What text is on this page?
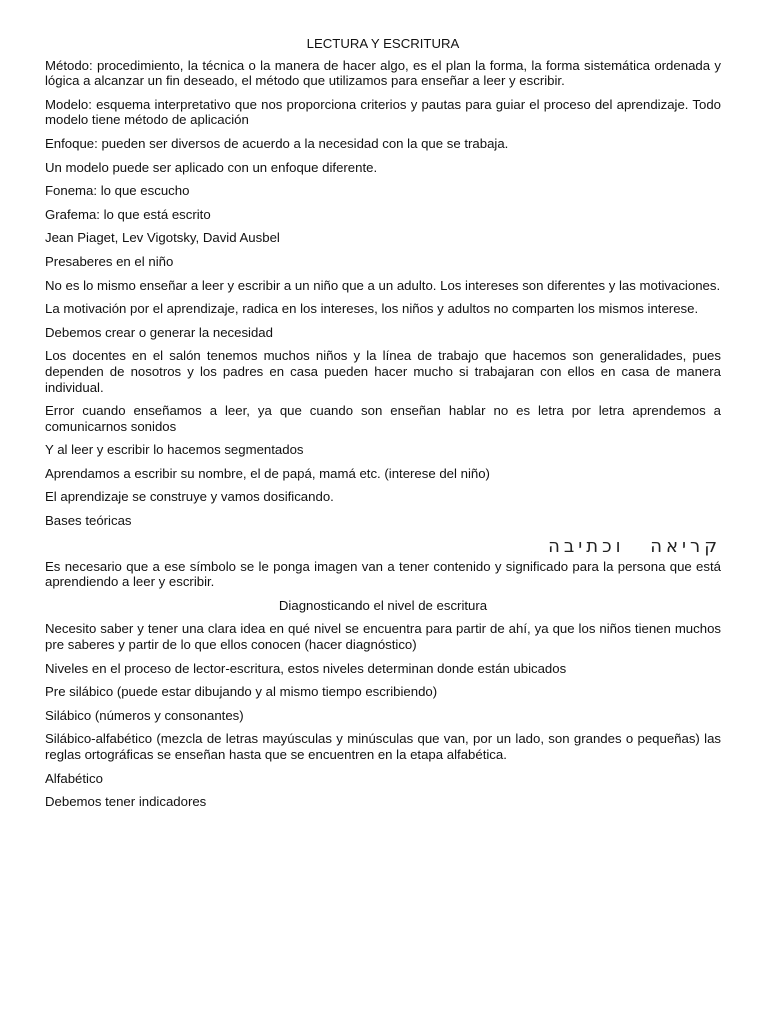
LECTURA Y ESCRITURA
Método: procedimiento, la técnica o la manera de hacer algo, es el plan la forma, la forma sistemática ordenada y lógica a alcanzar un fin deseado, el método que utilizamos para enseñar a leer y escribir.
Modelo: esquema interpretativo que nos proporciona criterios y pautas para guiar el proceso del aprendizaje. Todo modelo tiene método de aplicación
Enfoque: pueden ser diversos de acuerdo a la necesidad con la que se trabaja.
Un modelo puede ser aplicado con un enfoque diferente.
Fonema: lo que escucho
Grafema: lo que está escrito
Jean Piaget, Lev Vigotsky, David Ausbel
Presaberes en el niño
No es lo mismo enseñar a leer y escribir a un niño que a un adulto. Los intereses son diferentes y las motivaciones.
La motivación por el aprendizaje, radica en los intereses, los niños y adultos no comparten los mismos interese.
Debemos crear o generar la necesidad
Los docentes en el salón tenemos muchos niños y la línea de trabajo que hacemos son generalidades, pues dependen de nosotros y los padres en casa pueden hacer mucho si trabajaran con ellos en casa de manera individual.
Error cuando enseñamos a leer, ya que cuando son enseñan hablar no es letra por letra aprendemos a comunicarnos sonidos
Y al leer y escribir lo hacemos segmentados
Aprendamos a escribir su nombre, el de papá, mamá etc. (interese del niño)
El aprendizaje se construye y vamos dosificando.
Bases teóricas
קריאה וכתיבה
Es necesario que a ese símbolo se le ponga imagen van a tener contenido y significado para la persona que está aprendiendo a leer y escribir.
Diagnosticando el nivel de escritura
Necesito saber y tener una clara idea en qué nivel se encuentra para partir de ahí, ya que los niños tienen muchos pre saberes y partir de lo que ellos conocen (hacer diagnóstico)
Niveles en el proceso de lector-escritura, estos niveles determinan donde están ubicados
Pre silábico (puede estar dibujando y al mismo tiempo escribiendo)
Silábico (números y consonantes)
Silábico-alfabético (mezcla de letras mayúsculas y minúsculas que van, por un lado, son grandes o pequeñas) las reglas ortográficas se enseñan hasta que se encuentren en la etapa alfabética.
Alfabético
Debemos tener indicadores
